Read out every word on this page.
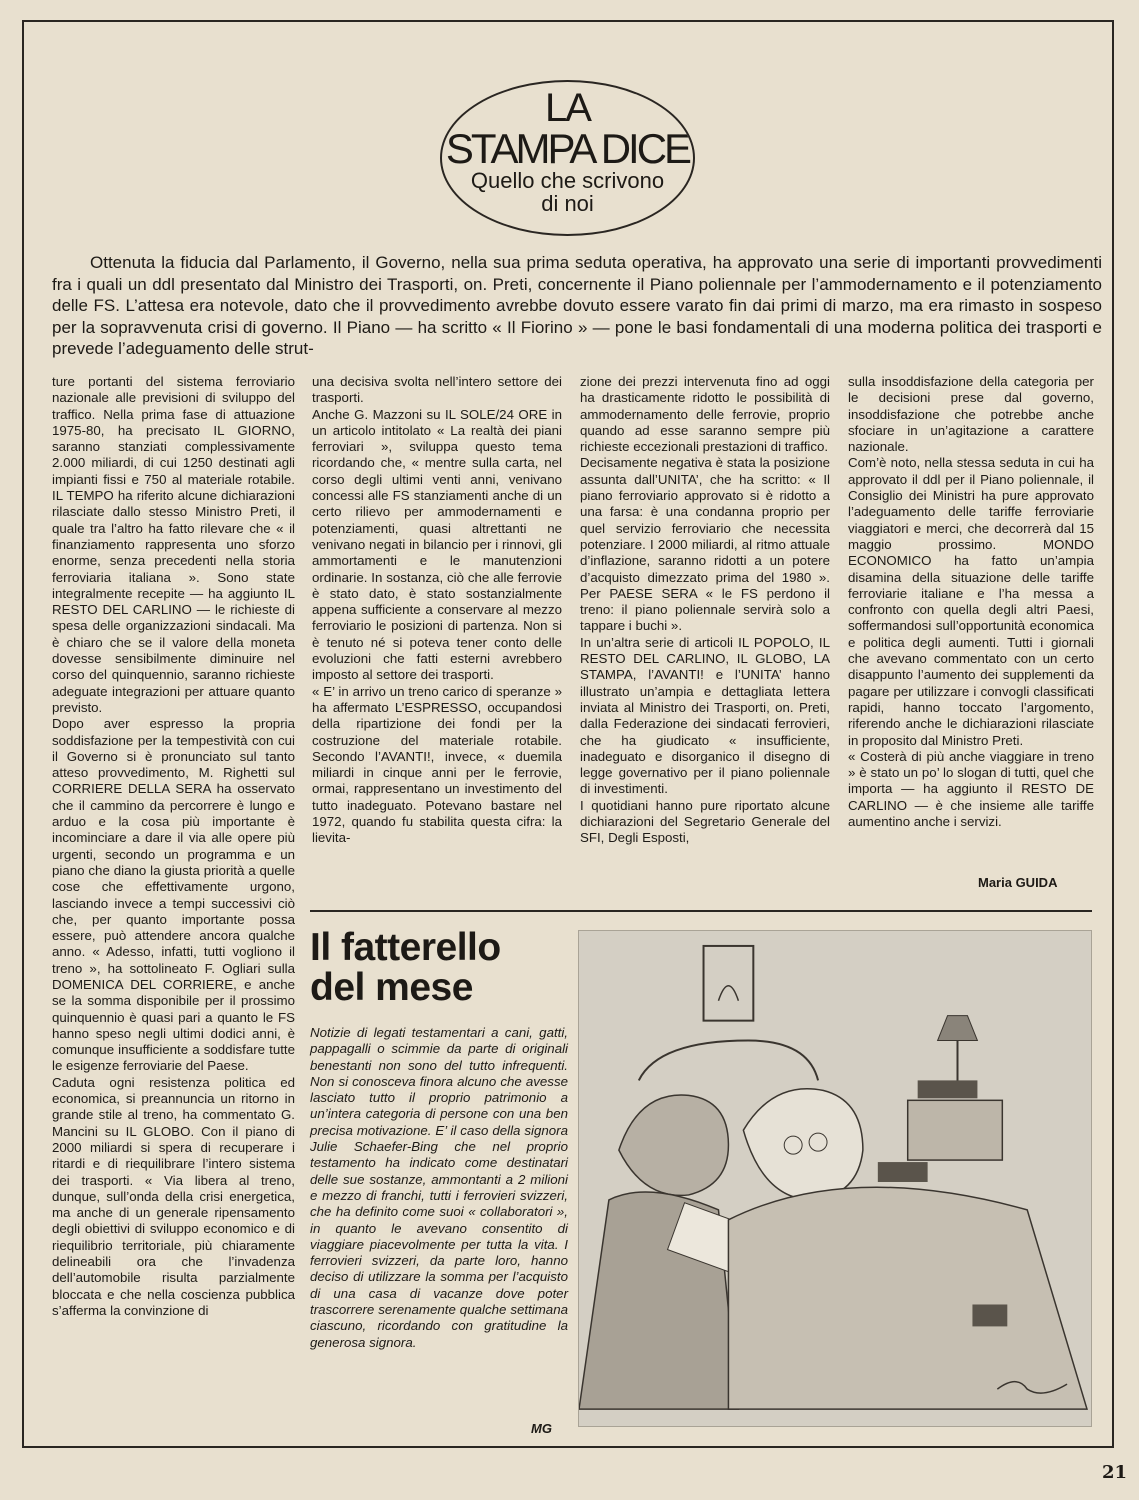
LA
STAMPA DICE
Quello che scrivono
di noi

Ottenuta la fiducia dal Parlamento, il Governo, nella sua prima seduta operativa, ha approvato una serie di importanti provvedimenti fra i quali un ddl presentato dal Ministro dei Trasporti, on. Preti, concernente il Piano poliennale per l’ammodernamento e il potenziamento delle FS. L’attesa era notevole, dato che il provvedimento avrebbe dovuto essere varato fin dai primi di marzo, ma era rimasto in sospeso per la sopravvenuta crisi di governo. Il Piano — ha scritto « Il Fiorino » — pone le basi fondamentali di una moderna politica dei trasporti e prevede l’adeguamento delle strut-

ture portanti del sistema ferroviario nazionale alle previsioni di sviluppo del traffico. Nella prima fase di attuazione 1975-80, ha precisato IL GIORNO, saranno stanziati complessivamente 2.000 miliardi, di cui 1250 destinati agli impianti fissi e 750 al materiale rotabile. IL TEMPO ha riferito alcune dichiarazioni rilasciate dallo stesso Ministro Preti, il quale tra l’altro ha fatto rilevare che « il finanziamento rappresenta uno sforzo enorme, senza precedenti nella storia ferroviaria italiana ». Sono state integralmente recepite — ha aggiunto IL RESTO DEL CARLINO — le richieste di spesa delle organizzazioni sindacali. Ma è chiaro che se il valore della moneta dovesse sensibilmente diminuire nel corso del quinquennio, saranno richieste adeguate integrazioni per attuare quanto previsto.

Dopo aver espresso la propria soddisfazione per la tempestività con cui il Governo si è pronunciato sul tanto atteso provvedimento, M. Righetti sul CORRIERE DELLA SERA ha osservato che il cammino da percorrere è lungo e arduo e la cosa più importante è incominciare a dare il via alle opere più urgenti, secondo un programma e un piano che diano la giusta priorità a quelle cose che effettivamente urgono, lasciando invece a tempi successivi ciò che, per quanto importante possa essere, può attendere ancora qualche anno. « Adesso, infatti, tutti vogliono il treno », ha sottolineato F. Ogliari sulla DOMENICA DEL CORRIERE, e anche se la somma disponibile per il prossimo quinquennio è quasi pari a quanto le FS hanno speso negli ultimi dodici anni, è comunque insufficiente a soddisfare tutte le esigenze ferroviarie del Paese.

Caduta ogni resistenza politica ed economica, si preannuncia un ritorno in grande stile al treno, ha commentato G. Mancini su IL GLOBO. Con il piano di 2000 miliardi si spera di recuperare i ritardi e di riequilibrare l’intero sistema dei trasporti. « Via libera al treno, dunque, sull’onda della crisi energetica, ma anche di un generale ripensamento degli obiettivi di sviluppo economico e di riequilibrio territoriale, più chiaramente delineabili ora che l’invadenza dell’automobile risulta parzialmente bloccata e che nella coscienza pubblica s’afferma la convinzione di

una decisiva svolta nell’intero settore dei trasporti.

Anche G. Mazzoni su IL SOLE/24 ORE in un articolo intitolato « La realtà dei piani ferroviari », sviluppa questo tema ricordando che, « mentre sulla carta, nel corso degli ultimi venti anni, venivano concessi alle FS stanziamenti anche di un certo rilievo per ammodernamenti e potenziamenti, quasi altrettanti ne venivano negati in bilancio per i rinnovi, gli ammortamenti e le manutenzioni ordinarie. In sostanza, ciò che alle ferrovie è stato dato, è stato sostanzialmente appena sufficiente a conservare al mezzo ferroviario le posizioni di partenza. Non si è tenuto né si poteva tener conto delle evoluzioni che fatti esterni avrebbero imposto al settore dei trasporti.

« E’ in arrivo un treno carico di speranze » ha affermato L’ESPRESSO, occupandosi della ripartizione dei fondi per la costruzione del materiale rotabile. Secondo l’AVANTI!, invece, « duemila miliardi in cinque anni per le ferrovie, ormai, rappresentano un investimento del tutto inadeguato. Potevano bastare nel 1972, quando fu stabilita questa cifra: la lievita-

zione dei prezzi intervenuta fino ad oggi ha drasticamente ridotto le possibilità di ammodernamento delle ferrovie, proprio quando ad esse saranno sempre più richieste eccezionali prestazioni di traffico.

Decisamente negativa è stata la posizione assunta dall’UNITA’, che ha scritto: « Il piano ferroviario approvato si è ridotto a una farsa: è una condanna proprio per quel servizio ferroviario che necessita potenziare. I 2000 miliardi, al ritmo attuale d’inflazione, saranno ridotti a un potere d’acquisto dimezzato prima del 1980 ». Per PAESE SERA « le FS perdono il treno: il piano poliennale servirà solo a tappare i buchi ».

In un’altra serie di articoli IL POPOLO, IL RESTO DEL CARLINO, IL GLOBO, LA STAMPA, l’AVANTI! e l’UNITA’ hanno illustrato un’ampia e dettagliata lettera inviata al Ministro dei Trasporti, on. Preti, dalla Federazione dei sindacati ferrovieri, che ha giudicato « insufficiente, inadeguato e disorganico il disegno di legge governativo per il piano poliennale di investimenti.

I quotidiani hanno pure riportato alcune dichiarazioni del Segretario Generale del SFI, Degli Esposti,

sulla insoddisfazione della categoria per le decisioni prese dal governo, insoddisfazione che potrebbe anche sfociare in un’agitazione a carattere nazionale.

Com’è noto, nella stessa seduta in cui ha approvato il ddl per il Piano poliennale, il Consiglio dei Ministri ha pure approvato l’adeguamento delle tariffe ferroviarie viaggiatori e merci, che decorrerà dal 15 maggio prossimo. MONDO ECONOMICO ha fatto un’ampia disamina della situazione delle tariffe ferroviarie italiane e l’ha messa a confronto con quella degli altri Paesi, soffermandosi sull’opportunità economica e politica degli aumenti. Tutti i giornali che avevano commentato con un certo disappunto l’aumento dei supplementi da pagare per utilizzare i convogli classificati rapidi, hanno toccato l’argomento, riferendo anche le dichiarazioni rilasciate in proposito dal Ministro Preti.

« Costerà di più anche viaggiare in treno » è stato un po’ lo slogan di tutti, quel che importa — ha aggiunto il RESTO DE CARLINO — è che insieme alle tariffe aumentino anche i servizi.

Maria GUIDA
Il fatterello
del mese
Notizie di legati testamentari a cani, gatti, pappagalli o scimmie da parte di originali benestanti non sono del tutto infrequenti. Non si conosceva finora alcuno che avesse lasciato tutto il proprio patrimonio a un’intera categoria di persone con una ben precisa motivazione. E’ il caso della signora Julie Schaefer-Bing che nel proprio testamento ha indicato come destinatari delle sue sostanze, ammontanti a 2 milioni e mezzo di franchi, tutti i ferrovieri svizzeri, che ha definito come suoi « collaboratori », in quanto le avevano consentito di viaggiare piacevolmente per tutta la vita. I ferrovieri svizzeri, da parte loro, hanno deciso di utilizzare la somma per l’acquisto di una casa di vacanze dove poter trascorrere serenamente qualche settimana ciascuno, ricordando con gratitudine la generosa signora.
MG
21
